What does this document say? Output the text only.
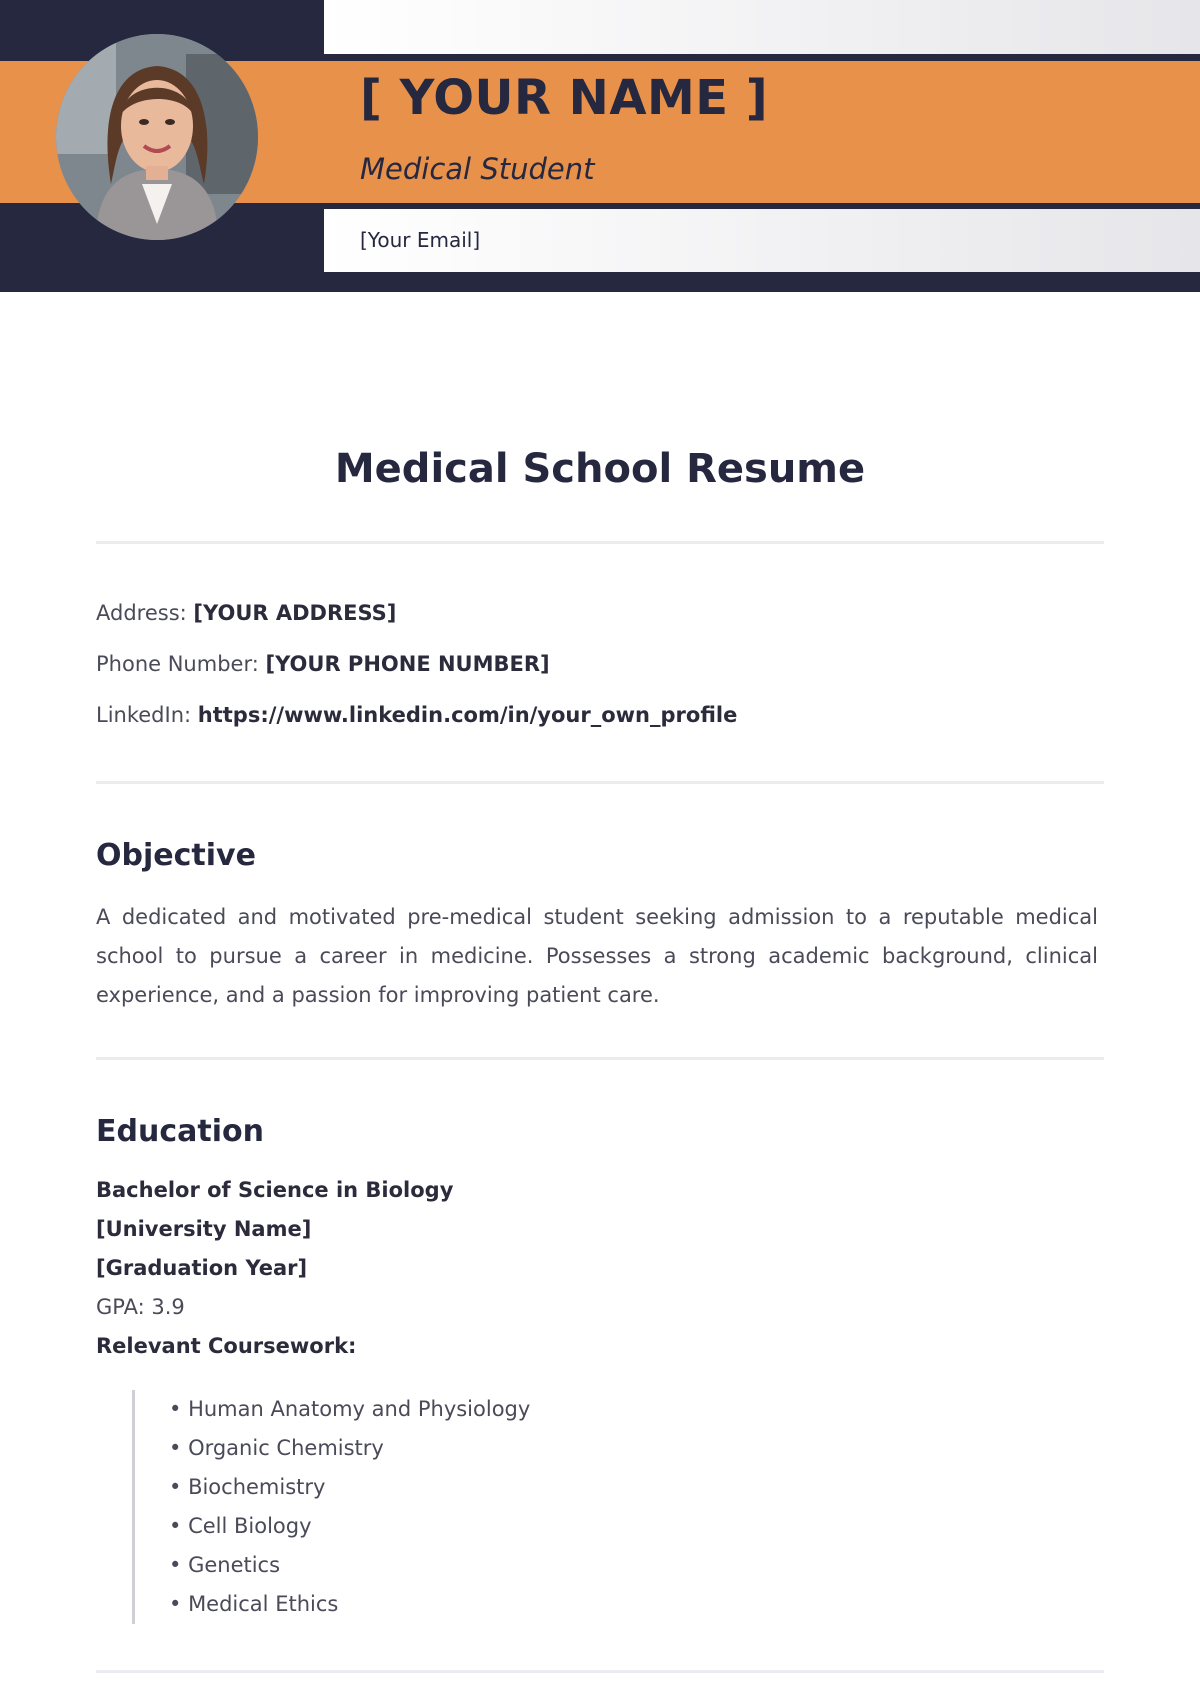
[ YOUR NAME ]
Medical Student
[Your Email]
Medical School Resume
Address: [YOUR ADDRESS]
Phone Number: [YOUR PHONE NUMBER]
LinkedIn: https://www.linkedin.com/in/your_own_profile
Objective

A dedicated and motivated pre-medical student seeking admission to a reputable medical school to pursue a career in medicine. Possesses a strong academic background, clinical experience, and a passion for improving patient care.

Education
Bachelor of Science in Biology
[University Name]
[Graduation Year]
GPA: 3.9
Relevant Coursework:
• Human Anatomy and Physiology
• Organic Chemistry
• Biochemistry
• Cell Biology
• Genetics
• Medical Ethics
